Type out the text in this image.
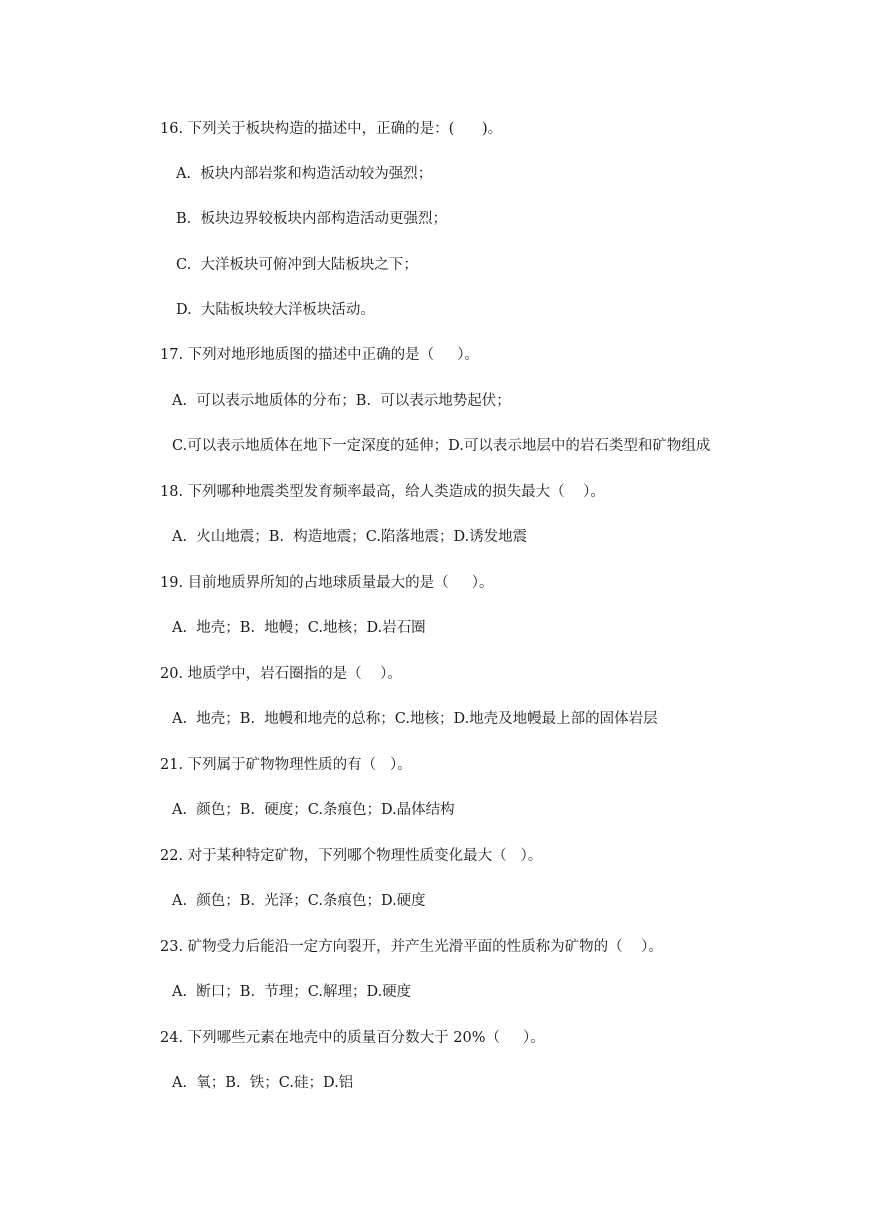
16. 下列关于板块构造的描述中，正确的是：(      )。
A.  板块内部岩浆和构造活动较为强烈；
B.  板块边界较板块内部构造活动更强烈；
C.  大洋板块可俯冲到大陆板块之下；
D.  大陆板块较大洋板块活动。
17. 下列对地形地质图的描述中正确的是（     ）。
A.  可以表示地质体的分布；B.  可以表示地势起伏；
C.可以表示地质体在地下一定深度的延伸；D.可以表示地层中的岩石类型和矿物组成
18. 下列哪种地震类型发育频率最高，给人类造成的损失最大（    ）。
A.  火山地震；B.  构造地震；C.陷落地震；D.诱发地震
19. 目前地质界所知的占地球质量最大的是（     ）。
A.  地壳；B.  地幔；C.地核；D.岩石圈
20. 地质学中，岩石圈指的是（    ）。
A.  地壳；B.  地幔和地壳的总称；C.地核；D.地壳及地幔最上部的固体岩层
21. 下列属于矿物物理性质的有（   ）。
A.  颜色；B.  硬度；C.条痕色；D.晶体结构
22. 对于某种特定矿物，下列哪个物理性质变化最大（   ）。
A.  颜色；B.  光泽；C.条痕色；D.硬度
23. 矿物受力后能沿一定方向裂开，并产生光滑平面的性质称为矿物的（    ）。
A.  断口；B.  节理；C.解理；D.硬度
24. 下列哪些元素在地壳中的质量百分数大于 20%（     ）。
A.  氧；B.  铁；C.硅；D.铝
